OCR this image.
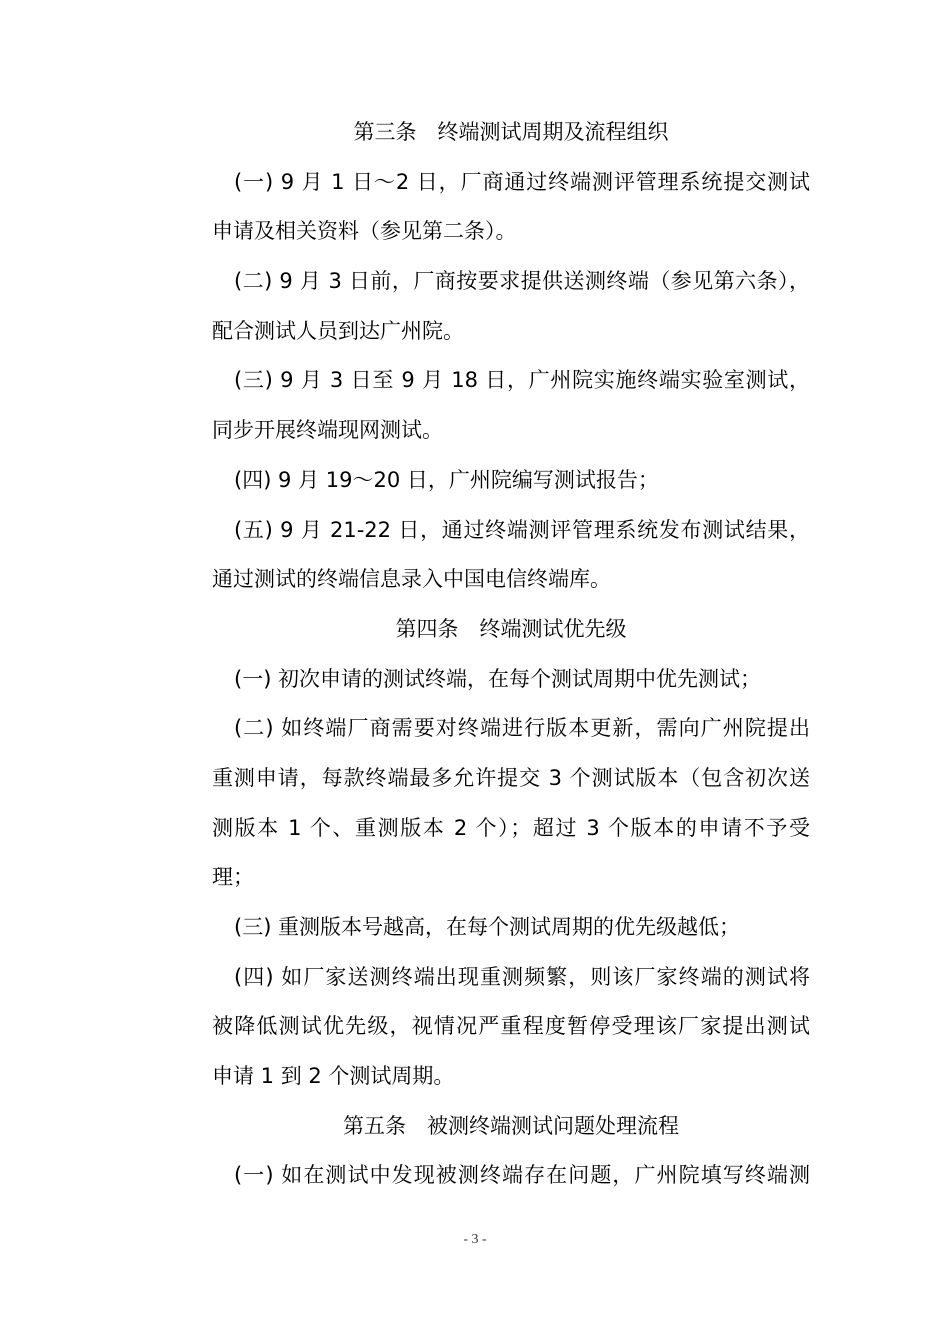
第三条　终端测试周期及流程组织
(一) 9 月 1 日～2 日，厂商通过终端测评管理系统提交测试
申请及相关资料（参见第二条）。
(二) 9 月 3 日前，厂商按要求提供送测终端（参见第六条），
配合测试人员到达广州院。
(三) 9 月 3 日至 9 月 18 日，广州院实施终端实验室测试，
同步开展终端现网测试。
(四) 9 月 19～20 日，广州院编写测试报告；
(五) 9 月 21-22 日，通过终端测评管理系统发布测试结果，
通过测试的终端信息录入中国电信终端库。
第四条　终端测试优先级
(一) 初次申请的测试终端，在每个测试周期中优先测试；
(二) 如终端厂商需要对终端进行版本更新，需向广州院提出
重测申请，每款终端最多允许提交 3 个测试版本（包含初次送
测版本 1 个、重测版本 2 个）；超过 3 个版本的申请不予受
理；
(三) 重测版本号越高，在每个测试周期的优先级越低；
(四) 如厂家送测终端出现重测频繁，则该厂家终端的测试将
被降低测试优先级，视情况严重程度暂停受理该厂家提出测试
申请 1 到 2 个测试周期。
第五条　被测终端测试问题处理流程
(一) 如在测试中发现被测终端存在问题，广州院填写终端测
- 3 -
